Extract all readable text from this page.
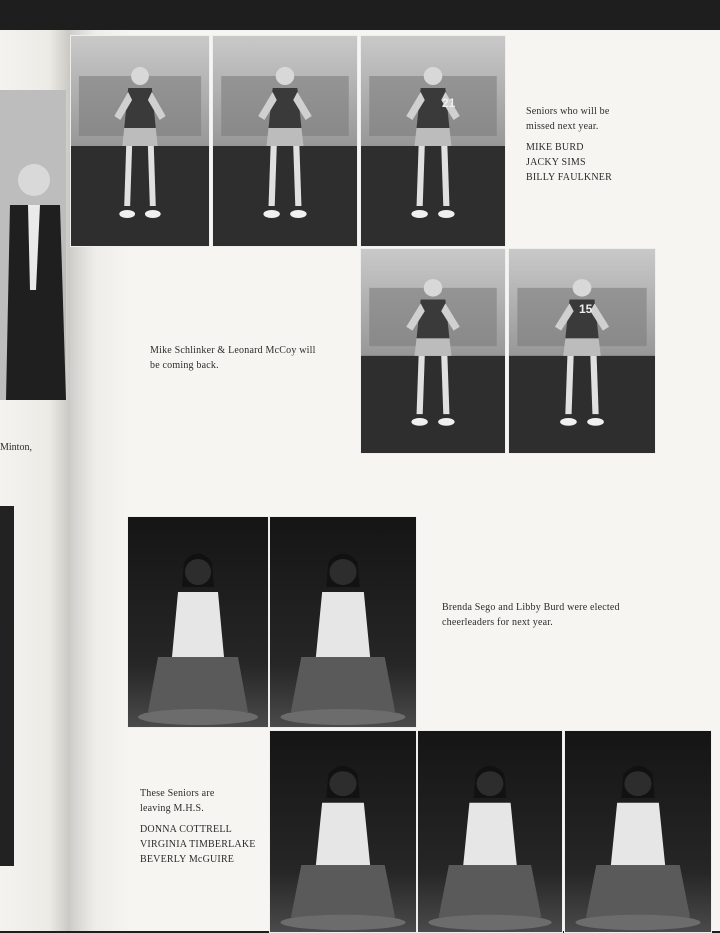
Minton,
21
Seniors who will be
missed next year.
MIKE BURD
JACKY SIMS
BILLY FAULKNER
15
Mike Schlinker & Leonard McCoy will
be coming back.
Brenda Sego and Libby Burd were elected
cheerleaders for next year.
These Seniors are
leaving M.H.S.
DONNA COTTRELL
VIRGINIA TIMBERLAKE
BEVERLY McGUIRE
